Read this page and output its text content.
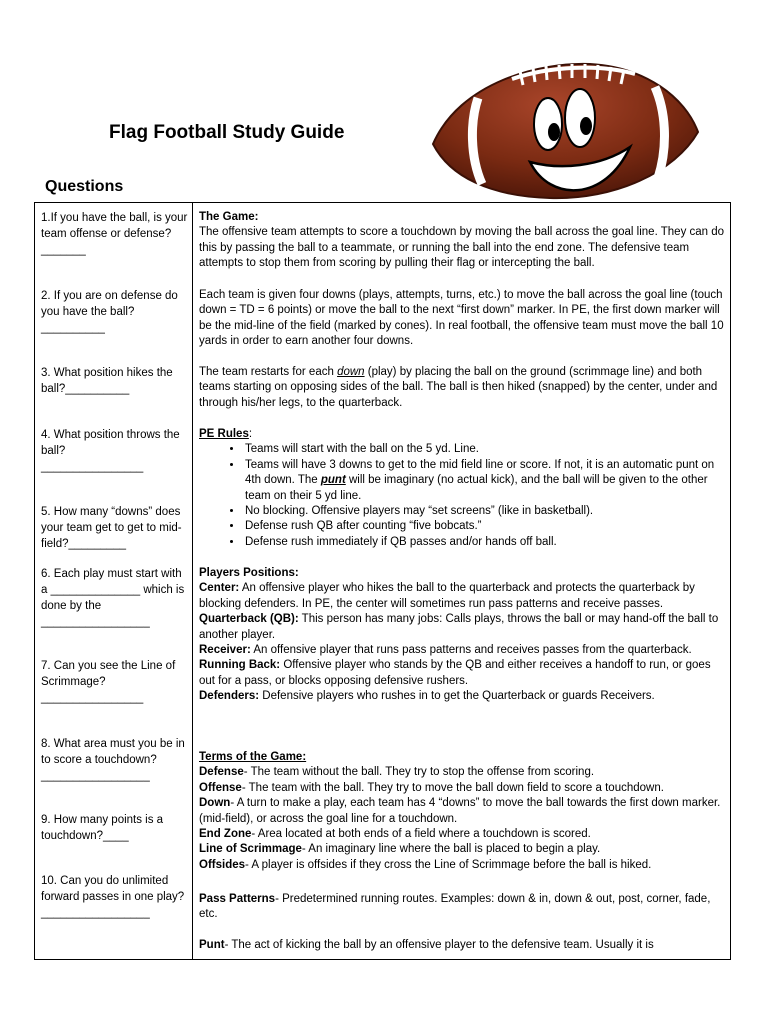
Flag Football Study Guide
Questions
1.If you have the ball, is your team offense or defense?_______
2. If you are on defense do you have the ball?__________
3. What position hikes the ball?__________
4. What position throws the ball?
________________
5. How many “downs” does your team get to get to mid-field?_________
6. Each play must start with a ______________ which is done by the
_________________
7. Can you see the Line of Scrimmage?
________________
8. What area must you be in to score a touchdown?
_________________
9. How many points is a touchdown?____
10. Can you do unlimited forward passes in one play?
_________________
The Game:
The offensive team attempts to score a touchdown by moving the ball across the goal line. They can do this by passing the ball to a teammate, or running the ball into the end zone. The defensive team attempts to stop them from scoring by pulling their flag or intercepting the ball.
Each team is given four downs (plays, attempts, turns, etc.) to move the ball across the goal line (touch down = TD = 6 points) or move the ball to the next “first down” marker. In PE, the first down marker will be the mid-line of the field (marked by cones). In real football, the offensive team must move the ball 10 yards in order to earn another four downs.
The team restarts for each down (play) by placing the ball on the ground (scrimmage line) and both teams starting on opposing sides of the ball. The ball is then hiked (snapped) by the center, under and through his/her legs, to the quarterback.
PE Rules:
• Teams will start with the ball on the 5 yd. Line.
• Teams will have 3 downs to get to the mid field line or score. If not, it is an automatic punt on 4th down. The punt will be imaginary (no actual kick), and the ball will be given to the other team on their 5 yd line.
• No blocking. Offensive players may “set screens” (like in basketball).
• Defense rush QB after counting “five bobcats.”
• Defense rush immediately if QB passes and/or hands off ball.
Players Positions:
Center: An offensive player who hikes the ball to the quarterback and protects the quarterback by blocking defenders. In PE, the center will sometimes run pass patterns and receive passes.
Quarterback (QB): This person has many jobs: Calls plays, throws the ball or may hand-off the ball to another player.
Receiver: An offensive player that runs pass patterns and receives passes from the quarterback.
Running Back: Offensive player who stands by the QB and either receives a handoff to run, or goes out for a pass, or blocks opposing defensive rushers.
Defenders: Defensive players who rushes in to get the Quarterback or guards Receivers.
Terms of the Game:
Defense- The team without the ball. They try to stop the offense from scoring.
Offense- The team with the ball. They try to move the ball down field to score a touchdown.
Down- A turn to make a play, each team has 4 “downs” to move the ball towards the first down marker. (mid-field), or across the goal line for a touchdown.
End Zone- Area located at both ends of a field where a touchdown is scored.
Line of Scrimmage- An imaginary line where the ball is placed to begin a play.
Offsides- A player is offsides if they cross the Line of Scrimmage before the ball is hiked.
Pass Patterns- Predetermined running routes. Examples: down & in, down & out, post, corner, fade, etc.
Punt- The act of kicking the ball by an offensive player to the defensive team. Usually it is
